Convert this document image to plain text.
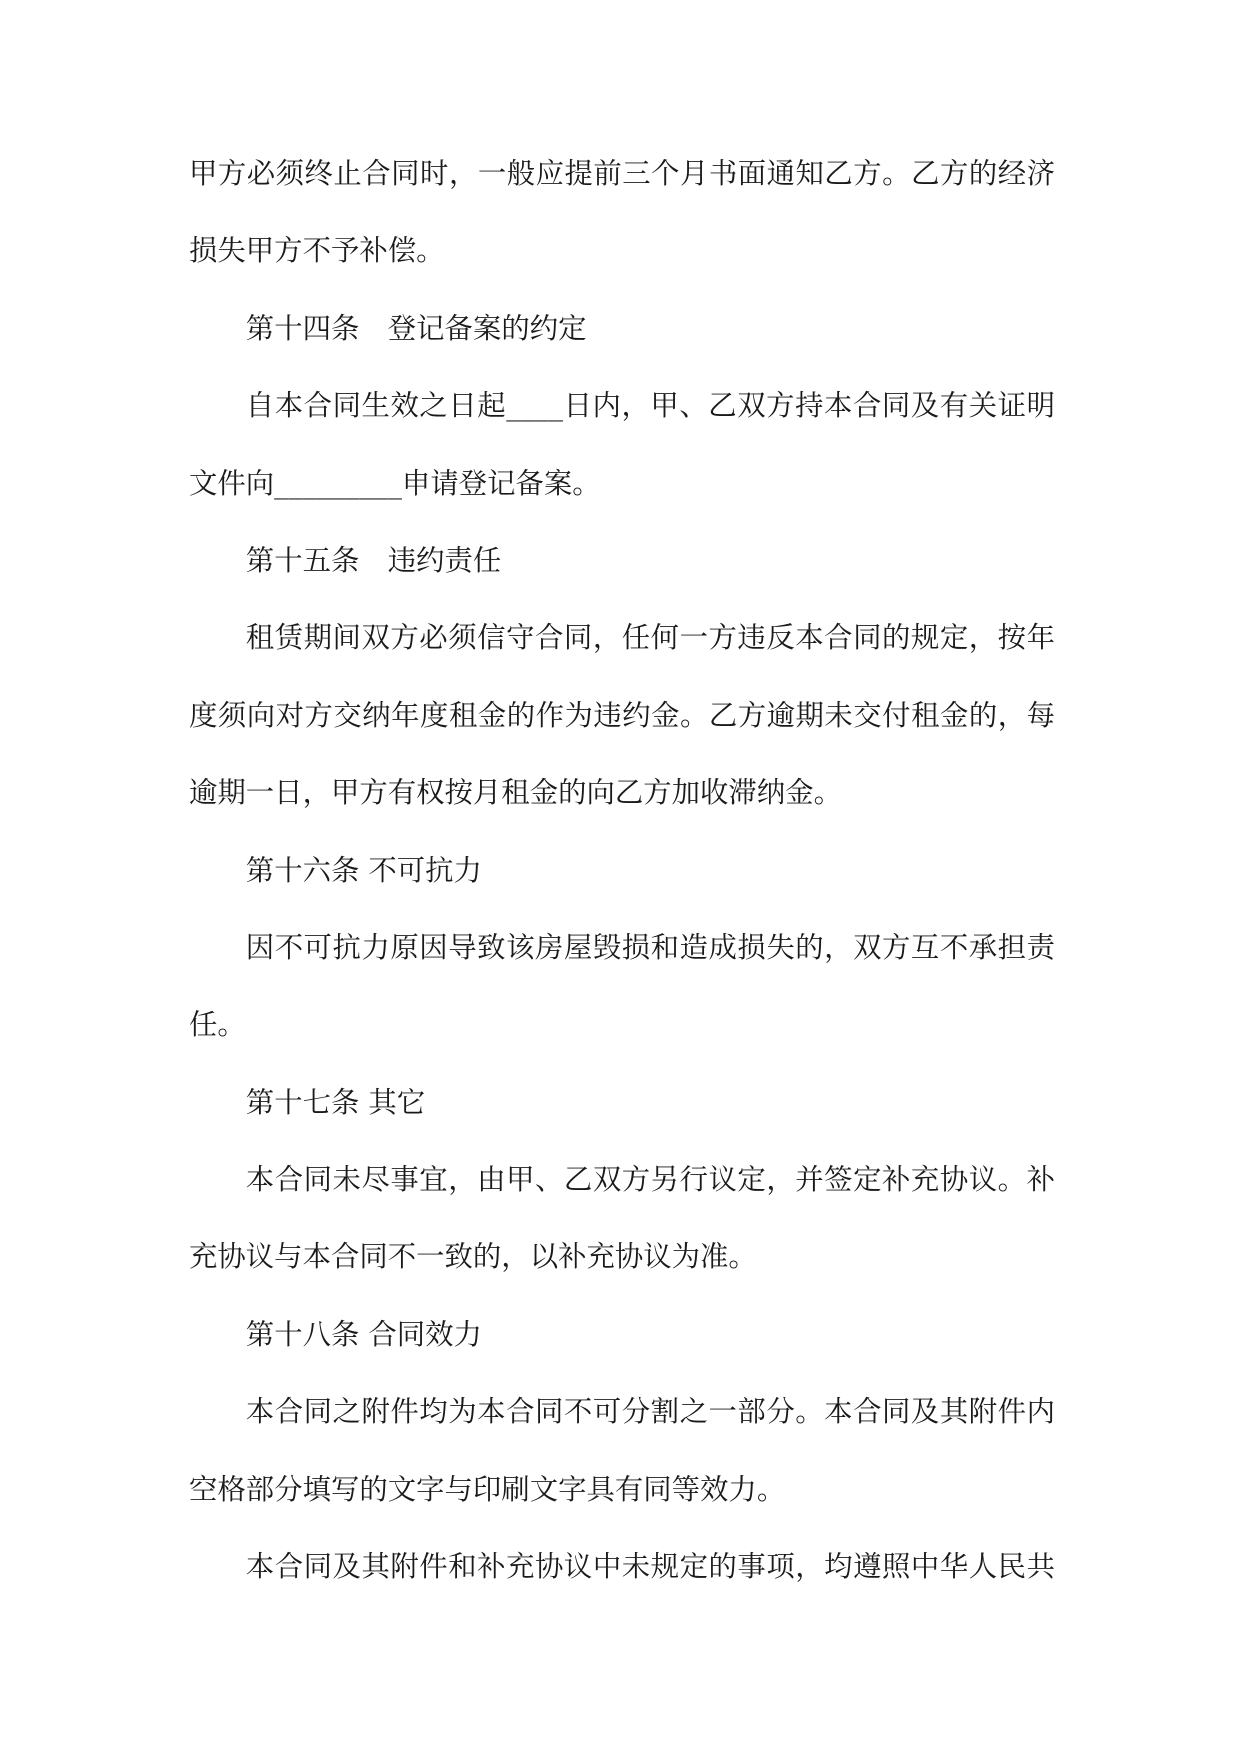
甲方必须终止合同时，一般应提前三个月书面通知乙方。乙方的经济
损失甲方不予补偿。
第十四条　登记备案的约定
自本合同生效之日起____日内，甲、乙双方持本合同及有关证明
文件向_________申请登记备案。
第十五条　违约责任
租赁期间双方必须信守合同，任何一方违反本合同的规定，按年
度须向对方交纳年度租金的作为违约金。乙方逾期未交付租金的，每
逾期一日，甲方有权按月租金的向乙方加收滞纳金。
第十六条 不可抗力
因不可抗力原因导致该房屋毁损和造成损失的，双方互不承担责
任。
第十七条 其它
本合同未尽事宜，由甲、乙双方另行议定，并签定补充协议。补
充协议与本合同不一致的，以补充协议为准。
第十八条 合同效力
本合同之附件均为本合同不可分割之一部分。本合同及其附件内
空格部分填写的文字与印刷文字具有同等效力。
本合同及其附件和补充协议中未规定的事项，均遵照中华人民共
